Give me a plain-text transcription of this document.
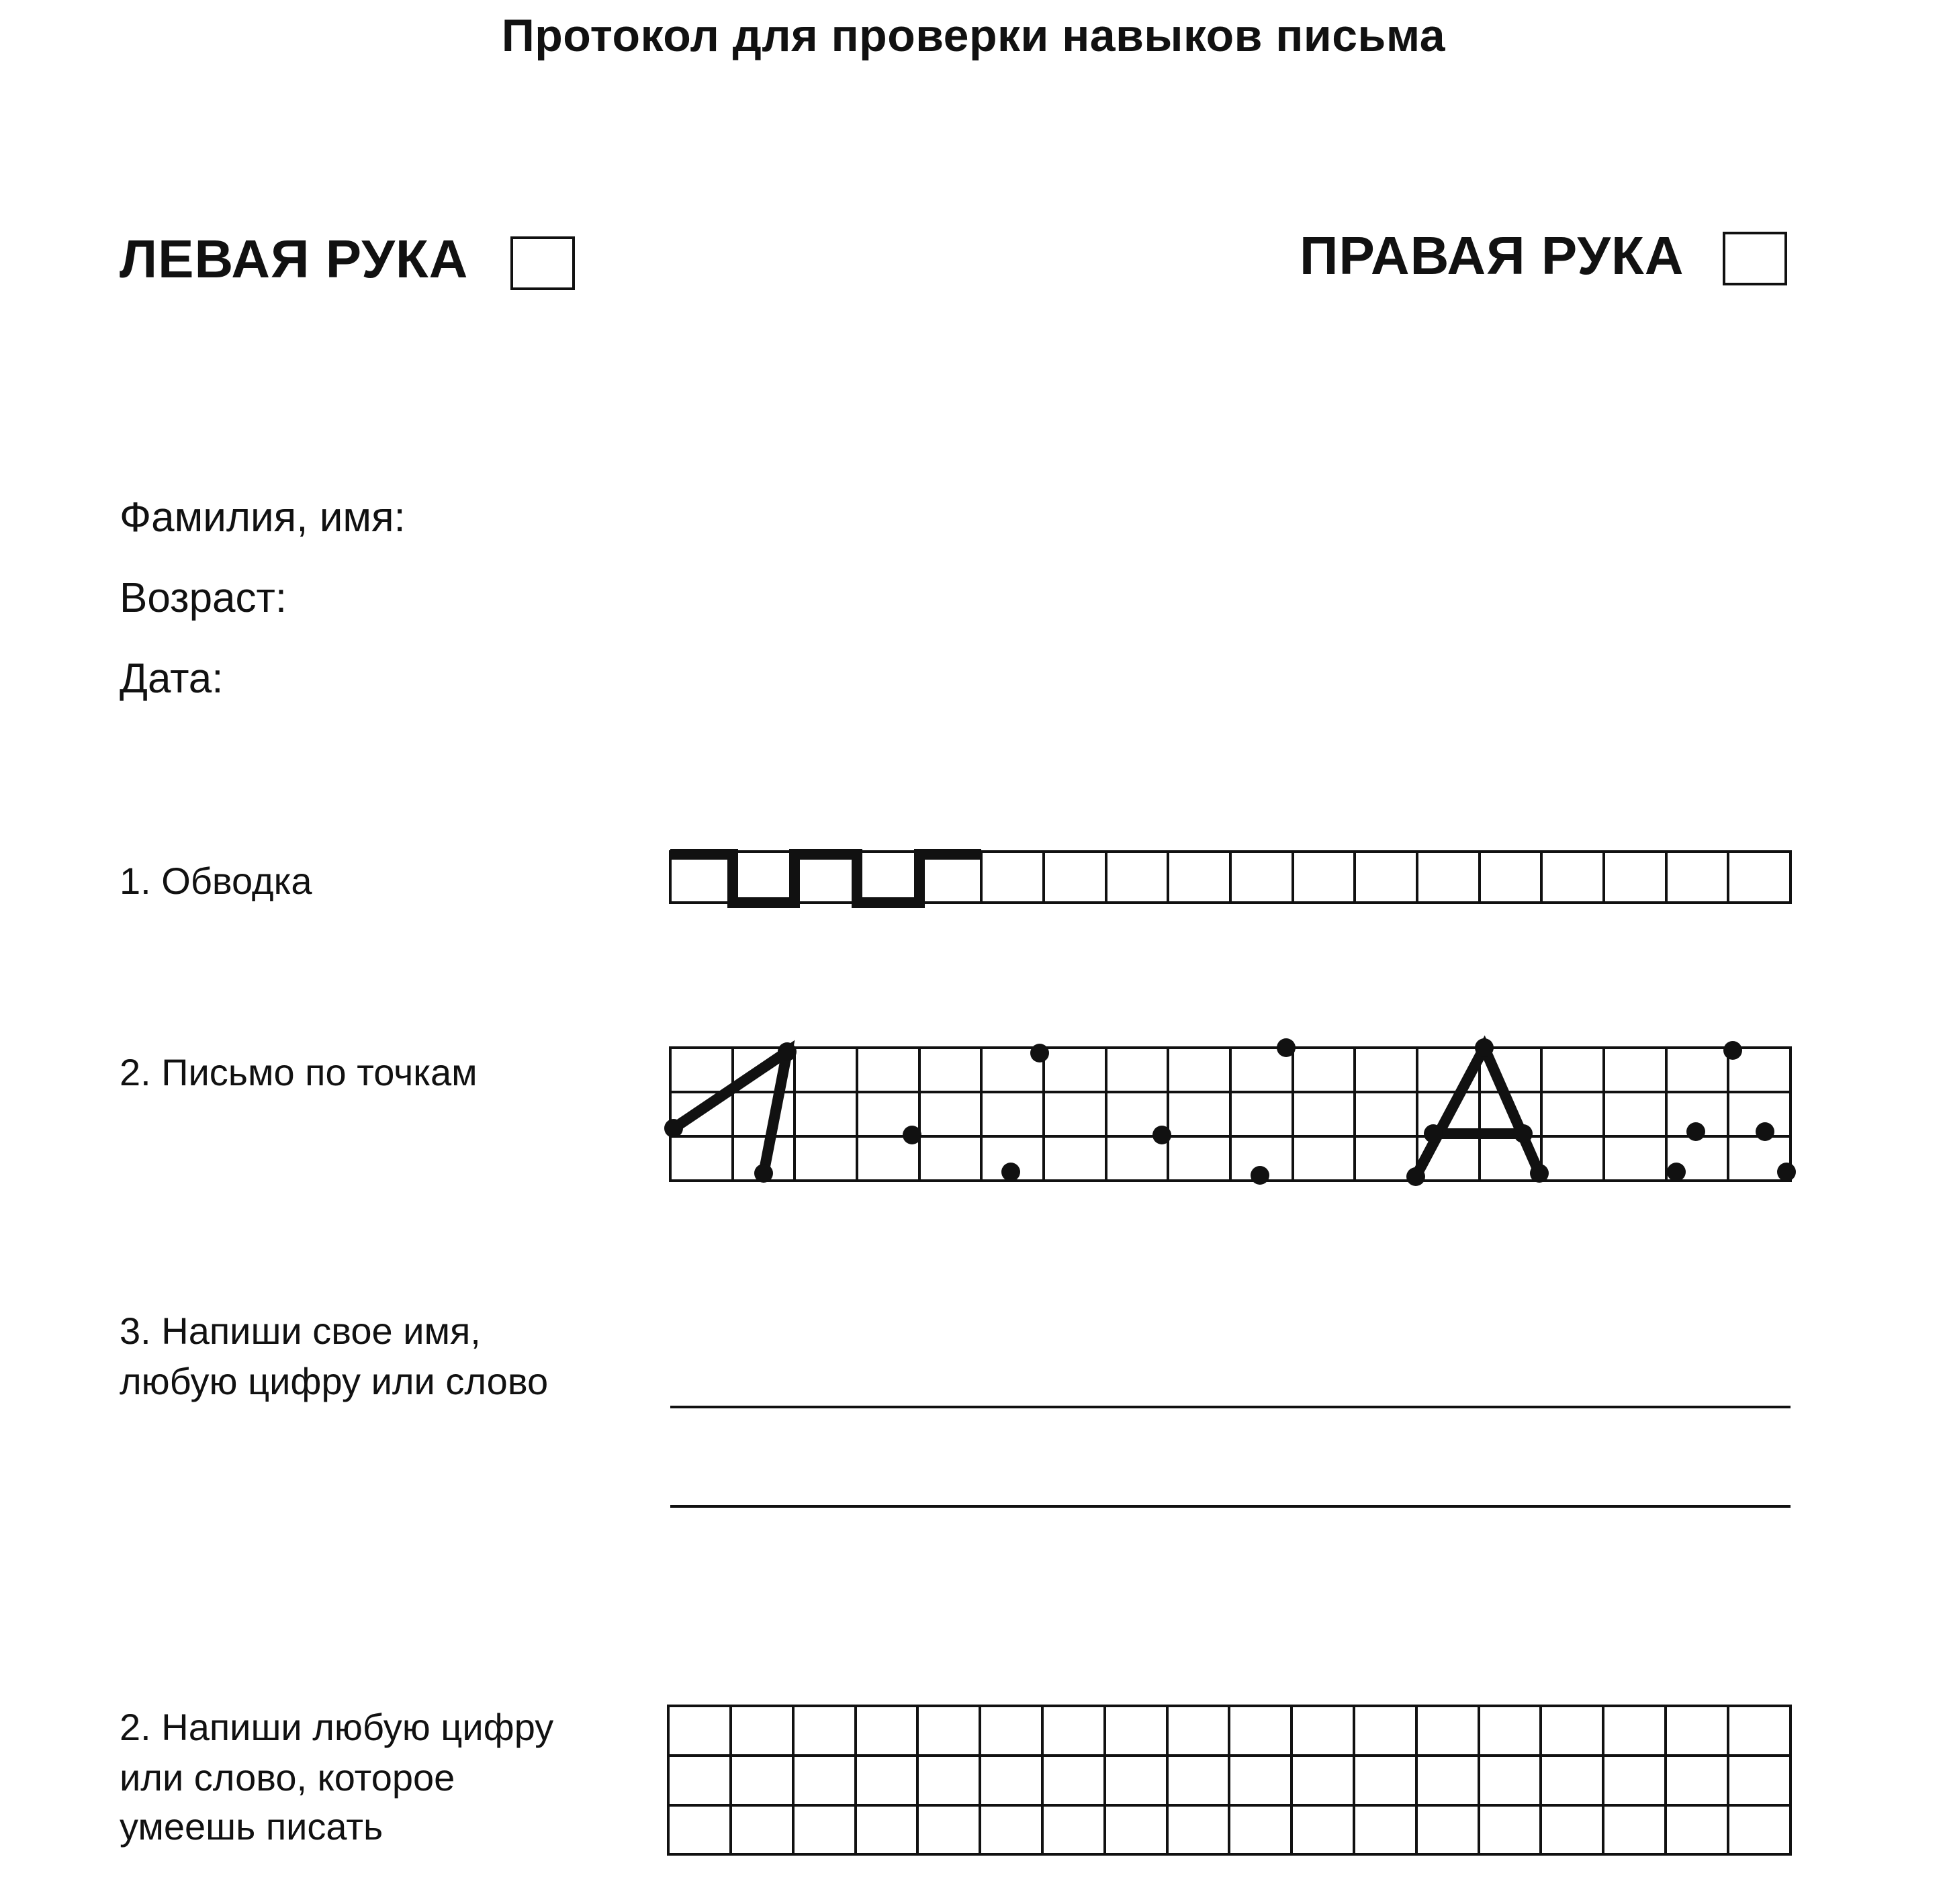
Протокол для проверки навыков письма
ЛЕВАЯ РУКА	ПРАВАЯ РУКА
Фамилия, имя:
Возраст:
Дата:
1. Обводка
2. Письмо по точкам
3. Напиши свое имя,
любую цифру или слово
2. Напиши любую цифру
или слово, которое
умеешь писать
